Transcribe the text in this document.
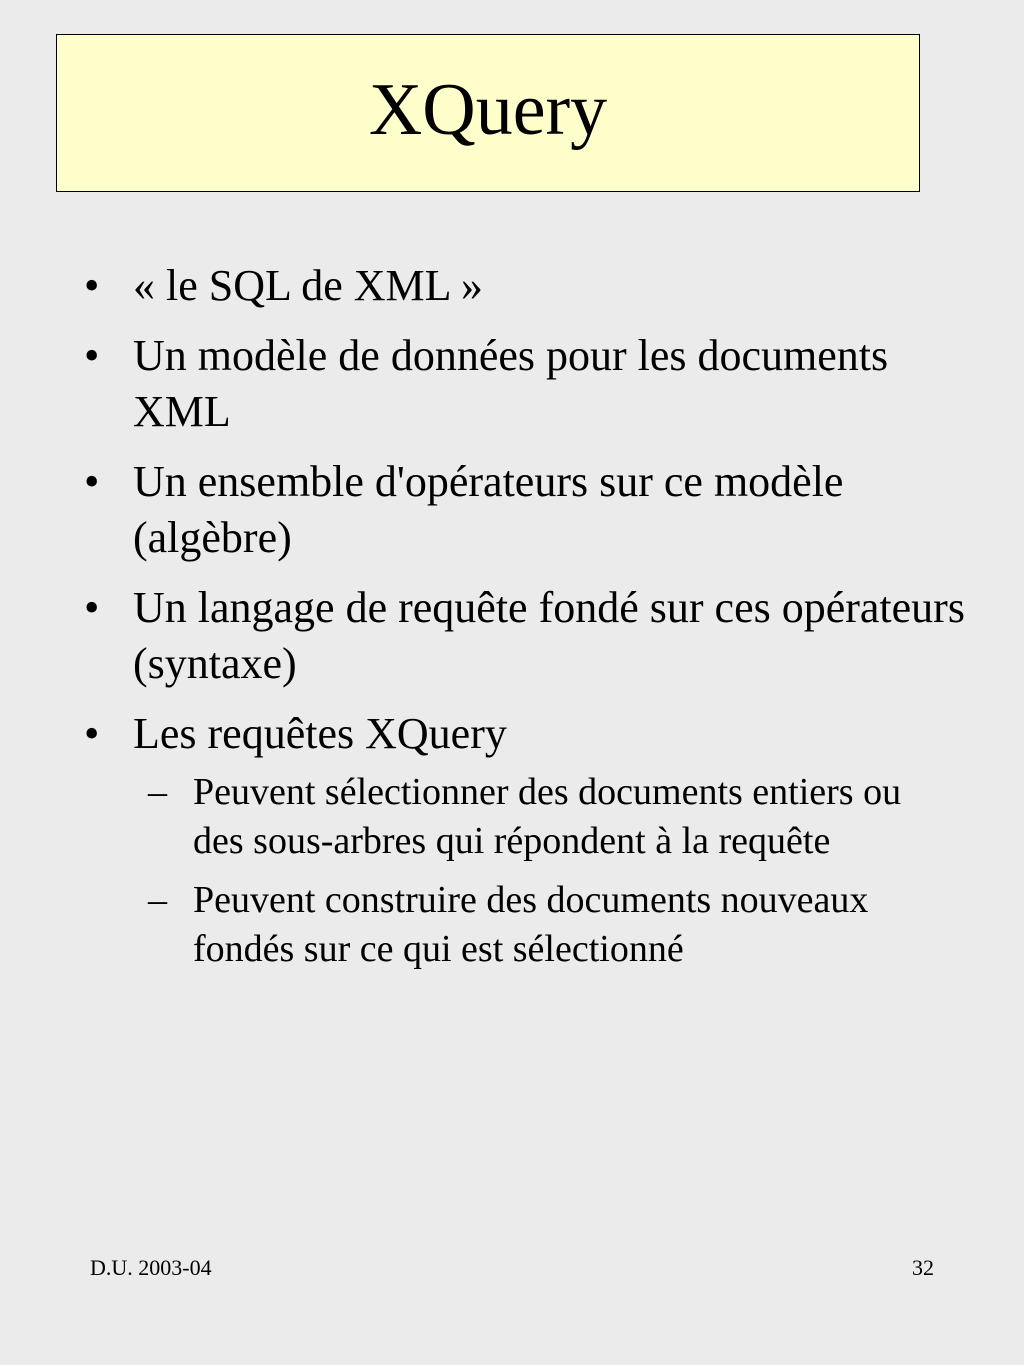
XQuery
• « le SQL de XML »
• Un modèle de données pour les documents XML
• Un ensemble d'opérateurs sur ce modèle (algèbre)
• Un langage de requête fondé sur ces opérateurs (syntaxe)
• Les requêtes XQuery
– Peuvent sélectionner des documents entiers ou des sous-arbres qui répondent à la requête
– Peuvent construire des documents nouveaux fondés sur ce qui est sélectionné
D.U. 2003-04	32
